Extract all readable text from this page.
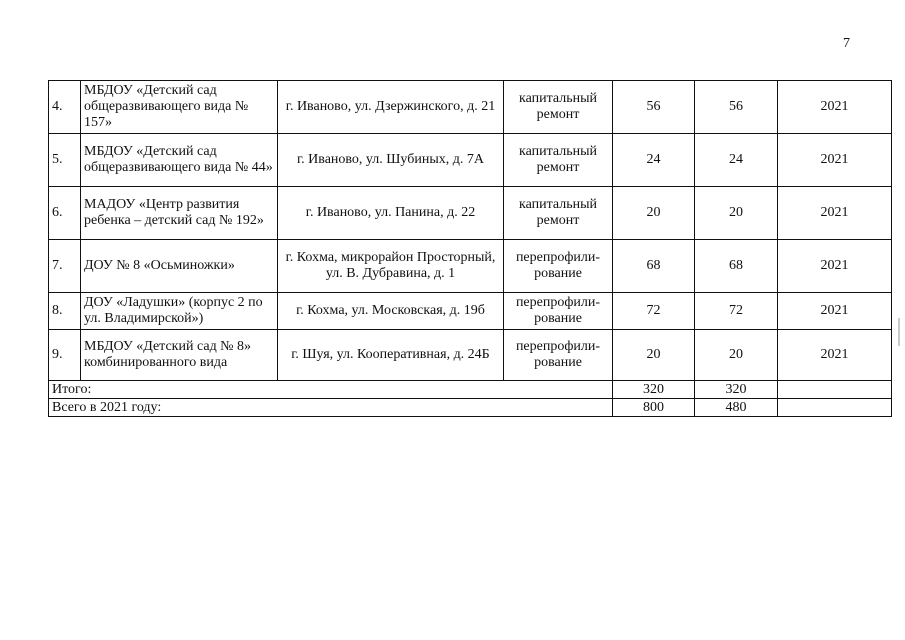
7
4.	МБДОУ «Детский сад общеразвивающего вида № 157»	г. Иваново, ул. Дзержинского, д. 21	капитальный ремонт	56	56	2021
5.	МБДОУ «Детский сад общеразвивающего вида № 44»	г. Иваново, ул. Шубиных, д. 7А	капитальный ремонт	24	24	2021
6.	МАДОУ «Центр развития ребенка – детский сад № 192»	г. Иваново, ул. Панина, д. 22	капитальный ремонт	20	20	2021
7.	ДОУ № 8 «Осьминожки»	г. Кохма, микрорайон Просторный, ул. В. Дубравина, д. 1	перепрофили-рование	68	68	2021
8.	ДОУ «Ладушки» (корпус 2 по ул. Владимирской»)	г. Кохма, ул. Московская, д. 19б	перепрофили-рование	72	72	2021
9.	МБДОУ «Детский сад № 8» комбинированного вида	г. Шуя, ул. Кооперативная, д. 24Б	перепрофили-рование	20	20	2021
Итого:				320	320	
Всего в 2021 году:				800	480	
